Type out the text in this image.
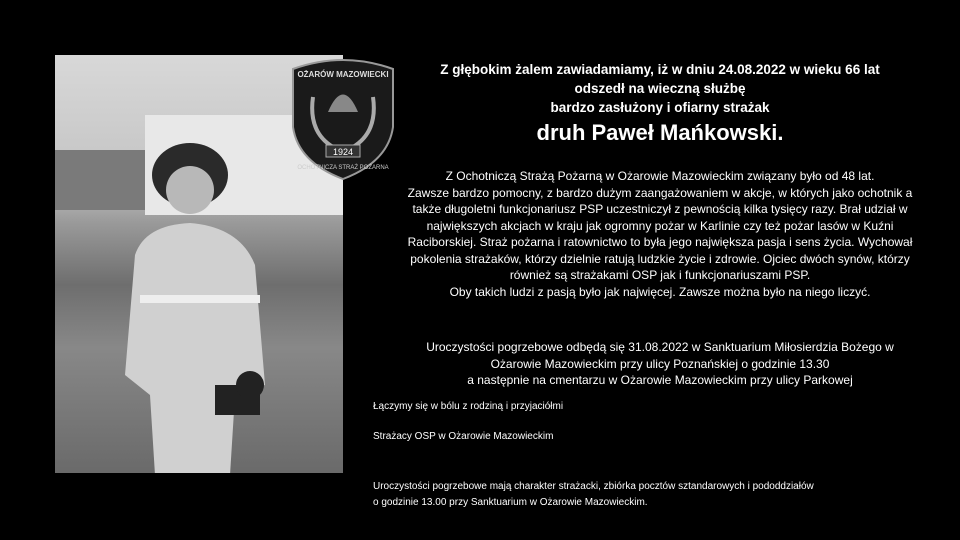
OŻARÓW MAZOWIECKI
1924
OCHOTNICZA STRAŻ POŻARNA
Z głębokim żalem zawiadamiamy, iż w dniu 24.08.2022 w wieku 66 lat
odszedł na wieczną służbę
bardzo zasłużony i ofiarny strażak
druh Paweł Mańkowski.
Z Ochotniczą Strażą Pożarną w Ożarowie Mazowieckim związany było od 48 lat.
Zawsze bardzo pomocny, z bardzo dużym zaangażowaniem w akcje, w których jako ochotnik a
także długoletni funkcjonariusz PSP uczestniczył z pewnością kilka tysięcy razy. Brał udział w
największych akcjach w kraju jak ogromny pożar w Karlinie czy też pożar lasów w Kuźni
Raciborskiej. Straż pożarna i ratownictwo to była jego największa pasja i sens życia. Wychował
pokolenia strażaków, którzy dzielnie ratują ludzkie życie i zdrowie. Ojciec dwóch synów, którzy
również są strażakami OSP jak i funkcjonariuszami PSP.
Oby takich ludzi z pasją było jak najwięcej. Zawsze można było na niego liczyć.
Uroczystości pogrzebowe odbędą się 31.08.2022 w Sanktuarium Miłosierdzia Bożego w
Ożarowie Mazowieckim przy ulicy Poznańskiej o godzinie 13.30
a następnie na cmentarzu w Ożarowie Mazowieckim przy ulicy Parkowej
Łączymy się w bólu z rodziną i przyjaciółmi
Strażacy OSP w Ożarowie Mazowieckim
Uroczystości pogrzebowe mają charakter strażacki, zbiórka pocztów sztandarowych i pododdziałów
o godzinie 13.00 przy Sanktuarium w Ożarowie Mazowieckim.
